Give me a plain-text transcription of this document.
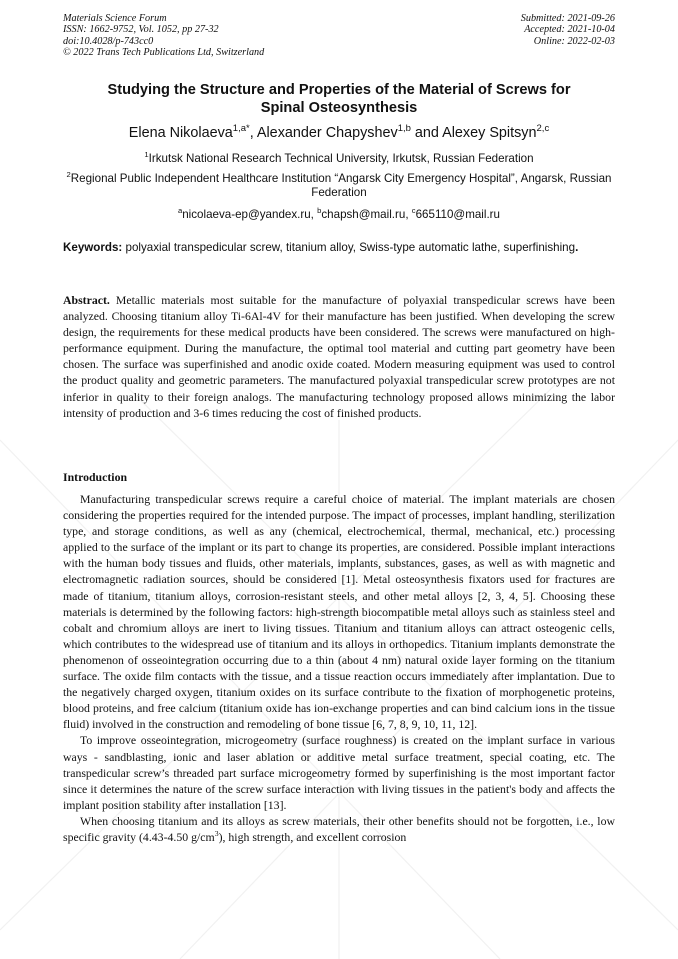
Materials Science Forum
ISSN: 1662-9752, Vol. 1052, pp 27-32
doi:10.4028/p-743cc0
© 2022 Trans Tech Publications Ltd, Switzerland
Submitted: 2021-09-26
Accepted: 2021-10-04
Online: 2022-02-03
Studying the Structure and Properties of the Material of Screws for
Spinal Osteosynthesis
Elena Nikolaeva$^{1,a*}$, Alexander Chapyshev$^{1,b}$ and Alexey Spitsyn$^{2,c}$
$^1$Irkutsk National Research Technical University, Irkutsk, Russian Federation
$^2$Regional Public Independent Healthcare Institution “Angarsk City Emergency Hospital”, Angarsk, Russian Federation
$^a$nicolaeva-ep@yandex.ru, $^b$chapsh@mail.ru, $^c$665110@mail.ru
Keywords: polyaxial transpedicular screw, titanium alloy, Swiss-type automatic lathe, superfinishing.
Abstract. Metallic materials most suitable for the manufacture of polyaxial transpedicular screws have been analyzed. Choosing titanium alloy Ti-6Al-4V for their manufacture has been justified. When developing the screw design, the requirements for these medical products have been considered. The screws were manufactured on high-performance equipment. During the manufacture, the optimal tool material and cutting part geometry have been chosen. The surface was superfinished and anodic oxide coated. Modern measuring equipment was used to control the product quality and geometric parameters. The manufactured polyaxial transpedicular screw prototypes are not inferior in quality to their foreign analogs. The manufacturing technology proposed allows minimizing the labor intensity of production and 3-6 times reducing the cost of finished products.
Introduction

Manufacturing transpedicular screws require a careful choice of material. The implant materials are chosen considering the properties required for the intended purpose. The impact of processes, implant handling, sterilization type, and storage conditions, as well as any (chemical, electrochemical, thermal, mechanical, etc.) processing applied to the surface of the implant or its part to change its properties, are considered. Possible implant interactions with the human body tissues and fluids, other materials, implants, substances, gases, as well as with magnetic and electromagnetic radiation sources, should be considered [1]. Metal osteosynthesis fixators used for fractures are made of titanium, titanium alloys, corrosion-resistant steels, and other metal alloys [2, 3, 4, 5]. Choosing these materials is determined by the following factors: high-strength biocompatible metal alloys such as stainless steel and cobalt and chromium alloys are inert to living tissues. Titanium and titanium alloys can attract osteogenic cells, which contributes to the widespread use of titanium and its alloys in orthopedics. Titanium implants demonstrate the phenomenon of osseointegration occurring due to a thin (about 4 nm) natural oxide layer forming on the titanium surface. The oxide film contacts with the tissue, and a tissue reaction occurs immediately after implantation. Due to the negatively charged oxygen, titanium oxides on its surface contribute to the fixation of morphogenetic proteins, blood proteins, and free calcium (titanium oxide has ion-exchange properties and can bind calcium ions in the tissue fluid) involved in the construction and remodeling of bone tissue [6, 7, 8, 9, 10, 11, 12].

To improve osseointegration, microgeometry (surface roughness) is created on the implant surface in various ways - sandblasting, ionic and laser ablation or additive metal surface treatment, special coating, etc. The transpedicular screw’s threaded part surface microgeometry formed by superfinishing is the most important factor since it determines the nature of the screw surface interaction with living tissues in the patient's body and affects the implant position stability after installation [13].

When choosing titanium and its alloys as screw materials, their other benefits should not be forgotten, i.e., low specific gravity (4.43-4.50 $g/cm^3$), high strength, and excellent corrosion
